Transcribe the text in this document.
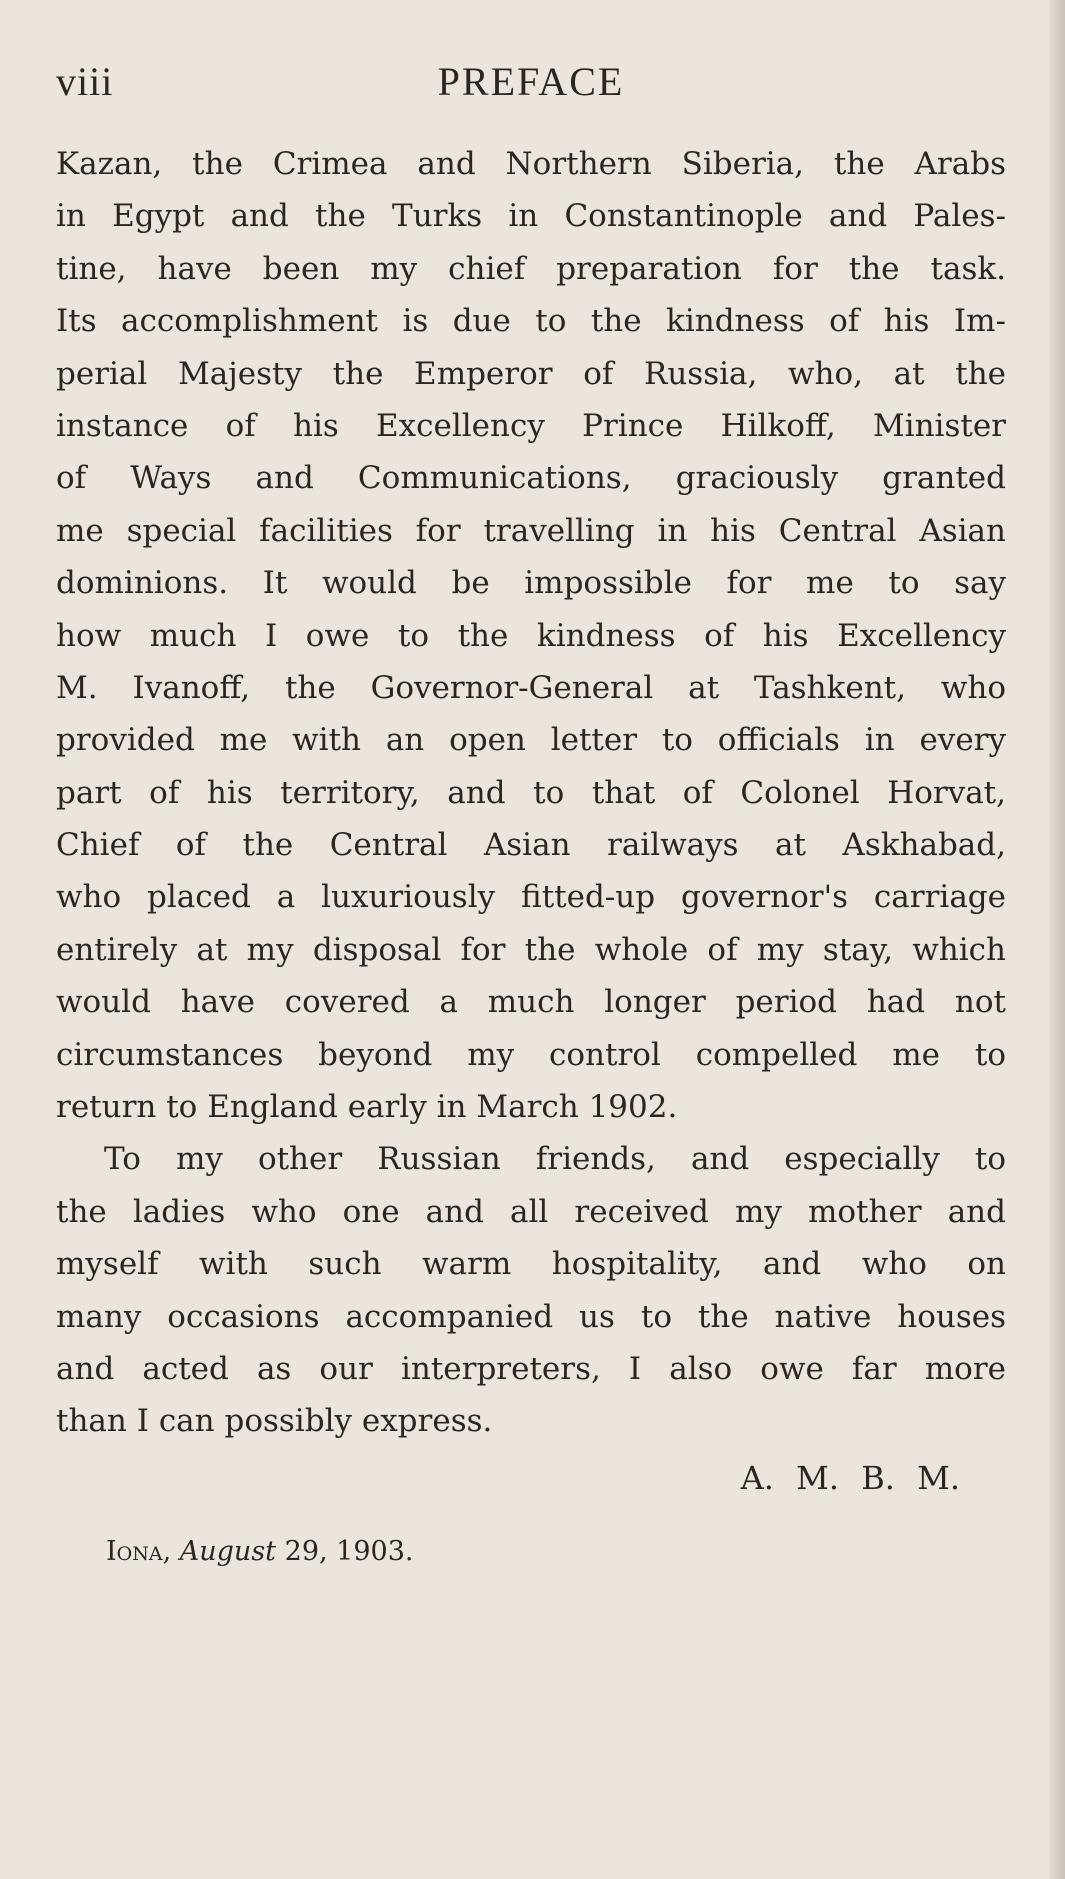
viii	PREFACE
Kazan, the Crimea and Northern Siberia, the Arabs
in Egypt and the Turks in Constantinople and Pales-
tine, have been my chief preparation for the task.
Its accomplishment is due to the kindness of his Im-
perial Majesty the Emperor of Russia, who, at the
instance of his Excellency Prince Hilkoff, Minister
of Ways and Communications, graciously granted
me special facilities for travelling in his Central Asian
dominions. It would be impossible for me to say
how much I owe to the kindness of his Excellency
M. Ivanoff, the Governor-General at Tashkent, who
provided me with an open letter to officials in every
part of his territory, and to that of Colonel Horvat,
Chief of the Central Asian railways at Askhabad,
who placed a luxuriously fitted-up governor's carriage
entirely at my disposal for the whole of my stay, which
would have covered a much longer period had not
circumstances beyond my control compelled me to
return to England early in March 1902.
To my other Russian friends, and especially to
the ladies who one and all received my mother and
myself with such warm hospitality, and who on
many occasions accompanied us to the native houses
and acted as our interpreters, I also owe far more
than I can possibly express.
A. M. B. M.
Iona, August 29, 1903.
